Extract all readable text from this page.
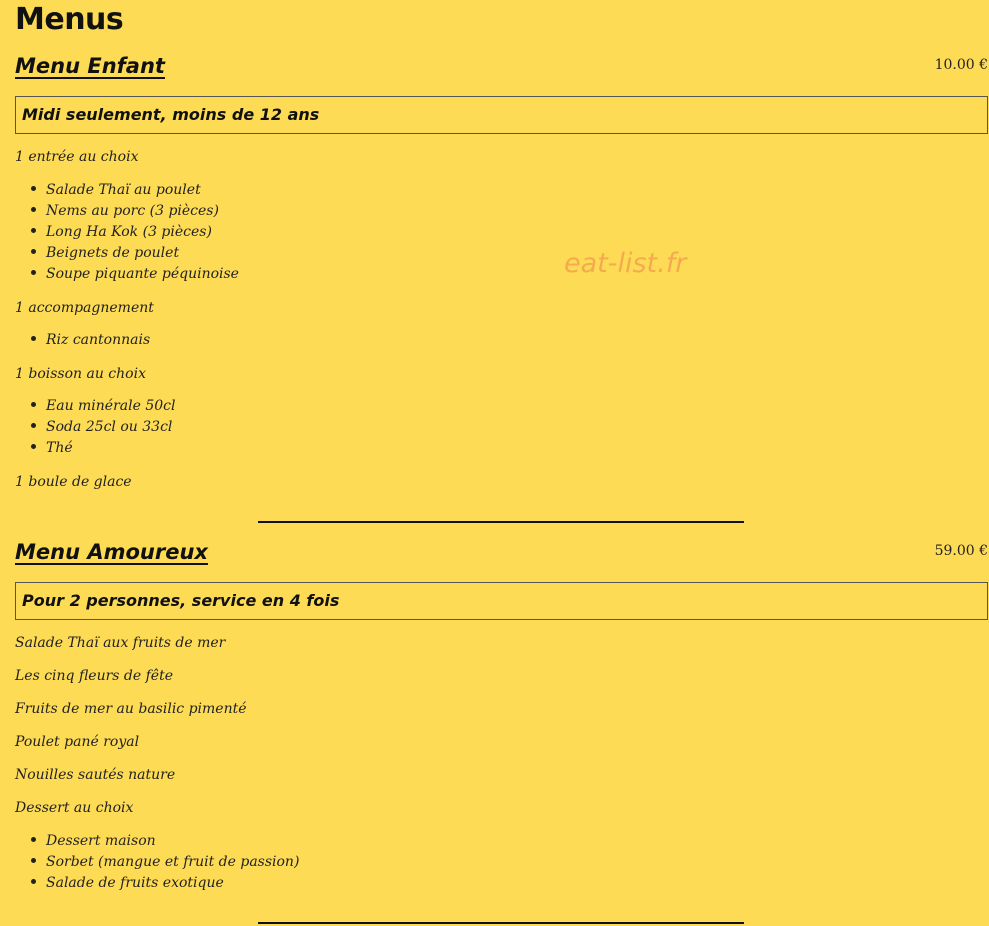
Menus
Menu Enfant	10.00 €
Midi seulement, moins de 12 ans
1 entrée au choix
Salade Thaï au poulet
Nems au porc (3 pièces)
Long Ha Kok (3 pièces)
Beignets de poulet
Soupe piquante péquinoise
1 accompagnement
Riz cantonnais
1 boisson au choix
Eau minérale 50cl
Soda 25cl ou 33cl
Thé
1 boule de glace
Menu Amoureux	59.00 €
Pour 2 personnes, service en 4 fois
Salade Thaï aux fruits de mer
Les cinq fleurs de fête
Fruits de mer au basilic pimenté
Poulet pané royal
Nouilles sautés nature
Dessert au choix
Dessert maison
Sorbet (mangue et fruit de passion)
Salade de fruits exotique
eat-list.fr
